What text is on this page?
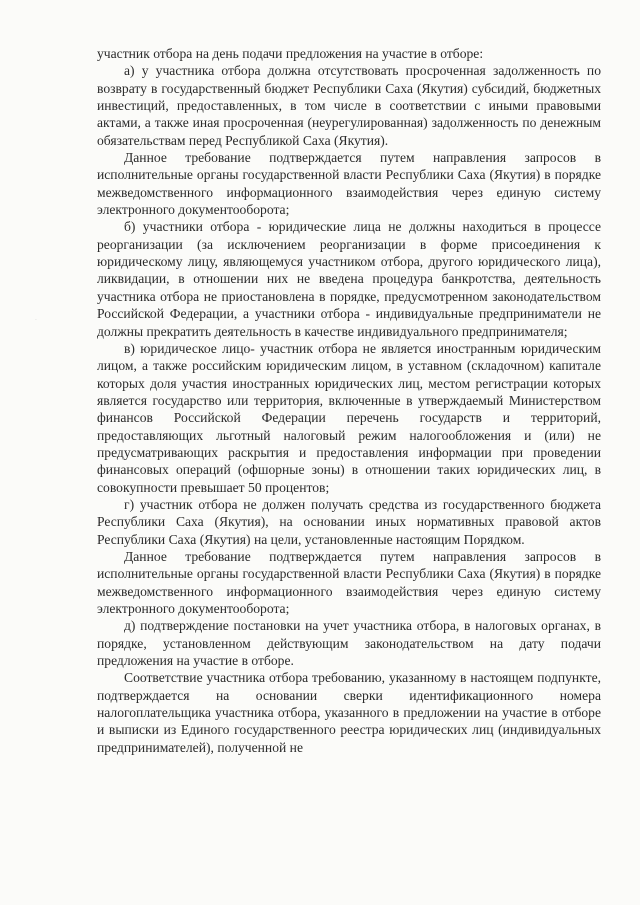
·

участник отбора на день подачи предложения на участие в отборе:

а) у участника отбора должна отсутствовать просроченная задолженность по возврату в государственный бюджет Республики Саха (Якутия) субсидий, бюджетных инвестиций, предоставленных, в том числе в соответствии с иными правовыми актами, а также иная просроченная (неурегулированная) задолженность по денежным обязательствам перед Республикой Саха (Якутия).

Данное требование подтверждается путем направления запросов в исполнительные органы государственной власти Республики Саха (Якутия) в порядке межведомственного информационного взаимодействия через единую систему электронного документооборота;

б) участники отбора - юридические лица не должны находиться в процессе реорганизации (за исключением реорганизации в форме присоединения к юридическому лицу, являющемуся участником отбора, другого юридического лица), ликвидации, в отношении них не введена процедура банкротства, деятельность участника отбора не приостановлена в порядке, предусмотренном законодательством Российской Федерации, а участники отбора - индивидуальные предприниматели не должны прекратить деятельность в качестве индивидуального предпринимателя;

в) юридическое лицо- участник отбора не является иностранным юридическим лицом, а также российским юридическим лицом, в уставном (складочном) капитале которых доля участия иностранных юридических лиц, местом регистрации которых является государство или территория, включенные в утверждаемый Министерством финансов Российской Федерации перечень государств и территорий, предоставляющих льготный налоговый режим налогообложения и (или) не предусматривающих раскрытия и предоставления информации при проведении финансовых операций (офшорные зоны) в отношении таких юридических лиц, в совокупности превышает 50 процентов;

г) участник отбора не должен получать средства из государственного бюджета Республики Саха (Якутия), на основании иных нормативных правовой актов Республики Саха (Якутия) на цели, установленные настоящим Порядком.

Данное требование подтверждается путем направления запросов в исполнительные органы государственной власти Республики Саха (Якутия) в порядке межведомственного информационного взаимодействия через единую систему электронного документооборота;

д) подтверждение постановки на учет участника отбора, в налоговых органах, в порядке, установленном действующим законодательством на дату подачи предложения на участие в отборе.

Соответствие участника отбора требованию, указанному в настоящем подпункте, подтверждается на основании сверки идентификационного номера налогоплательщика участника отбора, указанного в предложении на участие в отборе и выписки из Единого государственного реестра юридических лиц (индивидуальных предпринимателей), полученной не
